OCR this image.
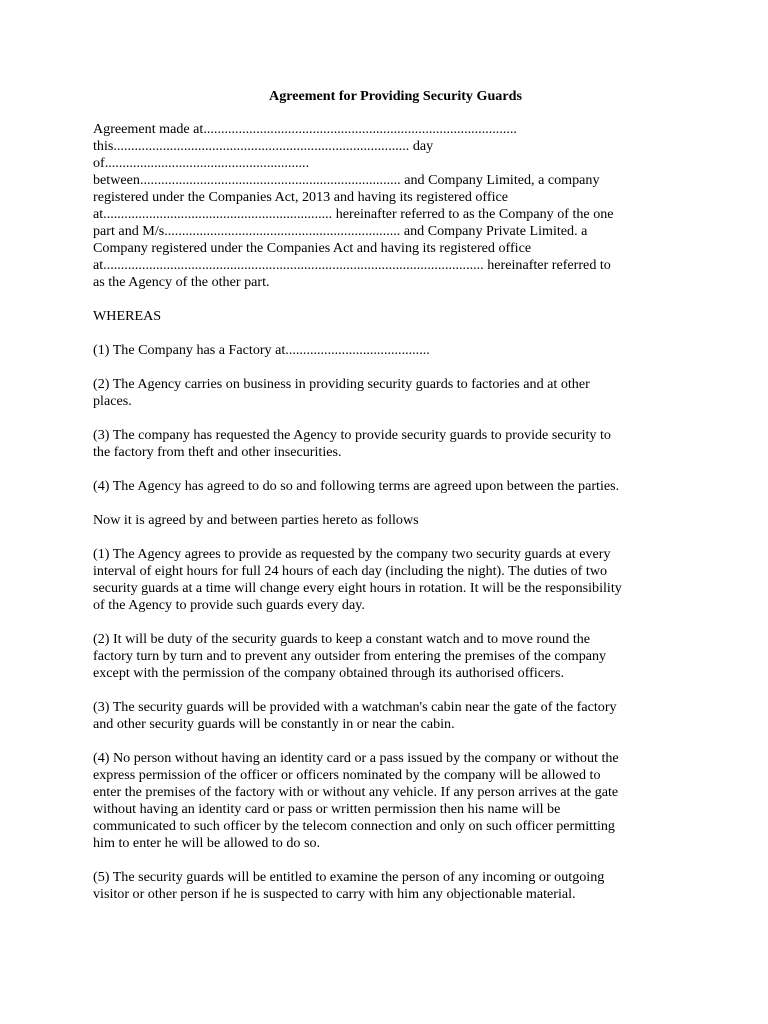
Agreement for Providing Security Guards
Agreement made at.........................................................................................
this.................................................................................... day
of..........................................................
between.......................................................................... and Company Limited, a company
registered under the Companies Act, 2013 and having its registered office
at................................................................. hereinafter referred to as the Company of the one
part and M/s................................................................... and Company Private Limited. a
Company registered under the Companies Act and having its registered office
at............................................................................................................ hereinafter referred to
as the Agency of the other part.
WHEREAS
(1) The Company has a Factory at.........................................
(2) The Agency carries on business in providing security guards to factories and at other
places.
(3) The company has requested the Agency to provide security guards to provide security to
the factory from theft and other insecurities.
(4) The Agency has agreed to do so and following terms are agreed upon between the parties.
Now it is agreed by and between parties hereto as follows
(1) The Agency agrees to provide as requested by the company two security guards at every
interval of eight hours for full 24 hours of each day (including the night). The duties of two
security guards at a time will change every eight hours in rotation. It will be the responsibility
of the Agency to provide such guards every day.
(2) It will be duty of the security guards to keep a constant watch and to move round the
factory turn by turn and to prevent any outsider from entering the premises of the company
except with the permission of the company obtained through its authorised officers.
(3) The security guards will be provided with a watchman's cabin near the gate of the factory
and other security guards will be constantly in or near the cabin.
(4) No person without having an identity card or a pass issued by the company or without the
express permission of the officer or officers nominated by the company will be allowed to
enter the premises of the factory with or without any vehicle. If any person arrives at the gate
without having an identity card or pass or written permission then his name will be
communicated to such officer by the telecom connection and only on such officer permitting
him to enter he will be allowed to do so.
(5) The security guards will be entitled to examine the person of any incoming or outgoing
visitor or other person if he is suspected to carry with him any objectionable material.
